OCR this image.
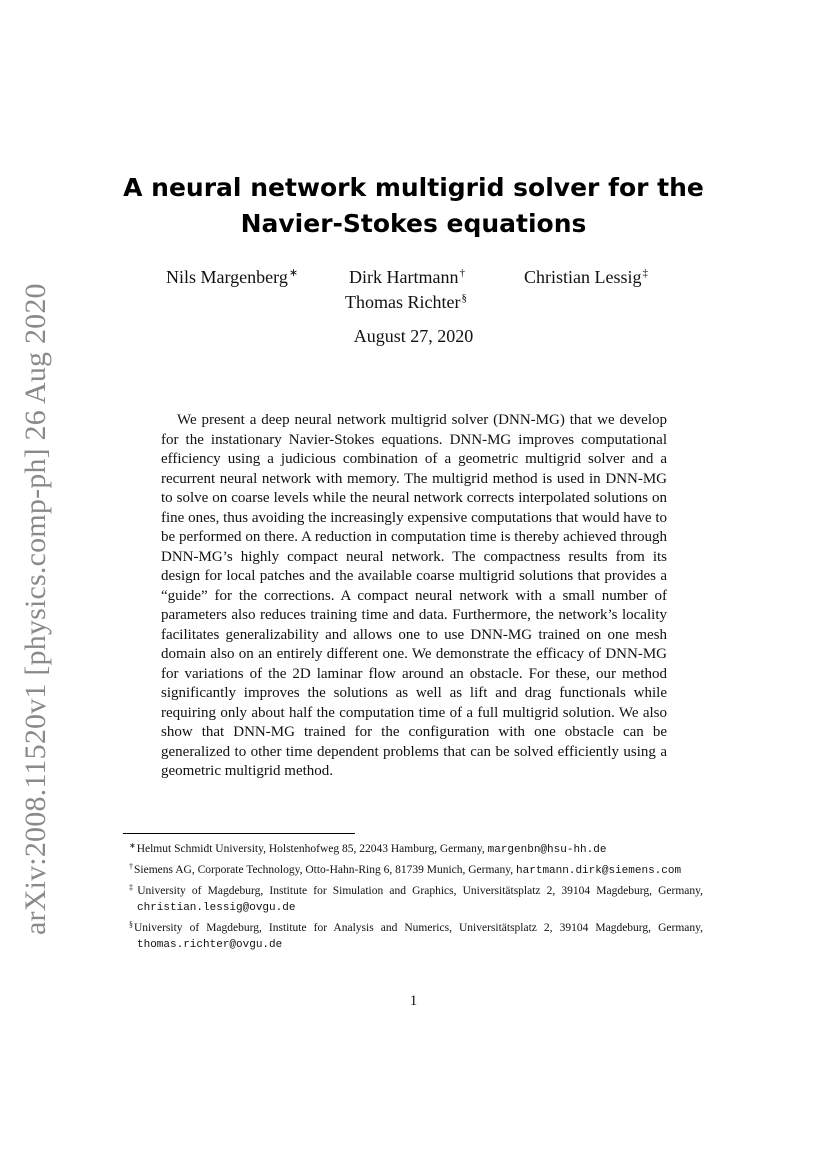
arXiv:2008.11520v1 [physics.comp-ph] 26 Aug 2020
A neural network multigrid solver for the
Navier-Stokes equations
Nils Margenberg∗	Dirk Hartmann†	Christian Lessig‡
Thomas Richter§
August 27, 2020

We present a deep neural network multigrid solver (DNN-MG) that we develop for the instationary Navier-Stokes equations. DNN-MG improves computational efficiency using a judicious combination of a geometric multigrid solver and a recurrent neural network with memory. The multigrid method is used in DNN-MG to solve on coarse levels while the neural network corrects interpolated solutions on fine ones, thus avoiding the increasingly expensive computations that would have to be performed on there. A reduction in computation time is thereby achieved through DNN-MG’s highly compact neural network. The compactness results from its design for local patches and the available coarse multigrid solutions that provides a “guide” for the corrections. A compact neural network with a small number of parameters also reduces training time and data. Furthermore, the network’s locality facilitates generalizability and allows one to use DNN-MG trained on one mesh domain also on an entirely different one. We demonstrate the efficacy of DNN-MG for variations of the 2D laminar flow around an obstacle. For these, our method significantly improves the solutions as well as lift and drag functionals while requiring only about half the computation time of a full multigrid solution. We also show that DNN-MG trained for the configuration with one obstacle can be generalized to other time dependent problems that can be solved efficiently using a geometric multigrid method.

∗Helmut Schmidt University, Holstenhofweg 85, 22043 Hamburg, Germany, margenbn@hsu-hh.de

†Siemens AG, Corporate Technology, Otto-Hahn-Ring 6, 81739 Munich, Germany, hartmann.dirk@siemens.com

‡University of Magdeburg, Institute for Simulation and Graphics, Universitätsplatz 2, 39104 Magdeburg, Germany, christian.lessig@ovgu.de

§University of Magdeburg, Institute for Analysis and Numerics, Universitätsplatz 2, 39104 Magdeburg, Germany, thomas.richter@ovgu.de

1
